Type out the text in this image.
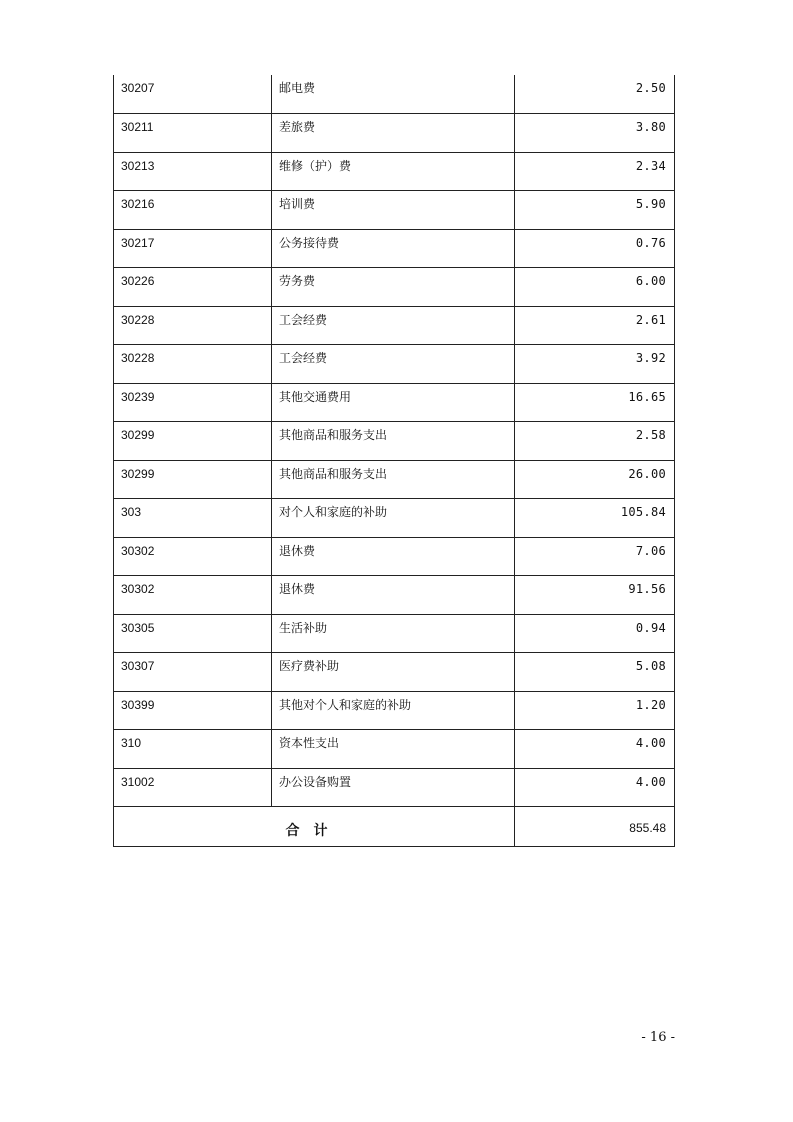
30207	邮电费	2.50
30211	差旅费	3.80
30213	维修（护）费	2.34
30216	培训费	5.90
30217	公务接待费	0.76
30226	劳务费	6.00
30228	工会经费	2.61
30228	工会经费	3.92
30239	其他交通费用	16.65
30299	其他商品和服务支出	2.58
30299	其他商品和服务支出	26.00
303	对个人和家庭的补助	105.84
30302	退休费	7.06
30302	退休费	91.56
30305	生活补助	0.94
30307	医疗费补助	5.08
30399	其他对个人和家庭的补助	1.20
310	资本性支出	4.00
31002	办公设备购置	4.00
合计		855.48
- 16 -
